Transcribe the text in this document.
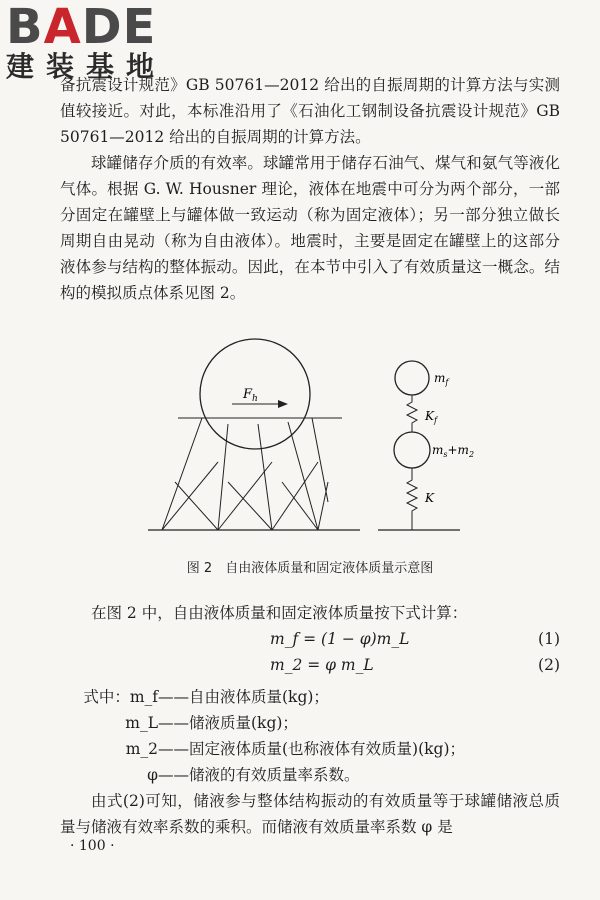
BADE
建装基地

备抗震设计规范》GB 50761—2012 给出的自振周期的计算方法与实测值较接近。对此，本标准沿用了《石油化工钢制设备抗震设计规范》GB 50761—2012 给出的自振周期的计算方法。

球罐储存介质的有效率。球罐常用于储存石油气、煤气和氨气等液化气体。根据 G. W. Housner 理论，液体在地震中可分为两个部分，一部分固定在罐壁上与罐体做一致运动（称为固定液体）；另一部分独立做长周期自由晃动（称为自由液体）。地震时，主要是固定在罐壁上的这部分液体参与结构的整体振动。因此，在本节中引入了有效质量这一概念。结构的模拟质点体系见图 2。

$F_h$
$m_f$
$K_f$
$m_s+m_2$
K
图 2　自由液体质量和固定液体质量示意图

在图 2 中，自由液体质量和固定液体质量按下式计算：

m_f = (1 − φ)m_L	(1)
m_2 = φ m_L	(2)
式中：m_f——自由液体质量(kg)；
m_L——储液质量(kg)；
m_2——固定液体质量(也称液体有效质量)(kg)；
φ——储液的有效质量率系数。

由式(2)可知，储液参与整体结构振动的有效质量等于球罐储液总质量与储液有效率系数的乘积。而储液有效质量率系数 φ 是

· 100 ·
